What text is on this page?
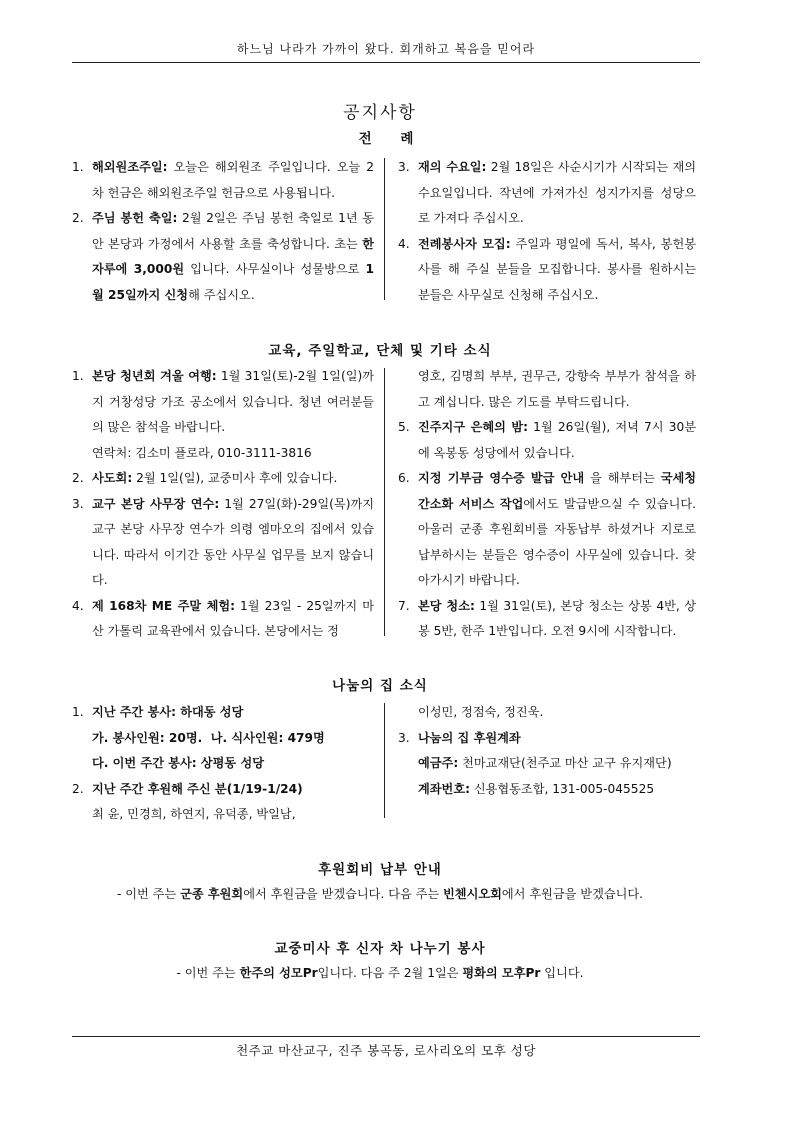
하느님 나라가 가까이 왔다. 회개하고 복음을 믿어라
공지사항
전 례
1. 해외원조주일: 오늘은 해외원조 주일입니다. 오늘 2차 헌금은 해외원조주일 헌금으로 사용됩니다.
2. 주님 봉헌 축일: 2월 2일은 주님 봉헌 축일로 1년 동안 본당과 가정에서 사용할 초를 축성합니다. 초는 한 자루에 3,000원 입니다. 사무실이나 성물방으로 1월 25일까지 신청해 주십시오.
3. 재의 수요일: 2월 18일은 사순시기가 시작되는 재의 수요일입니다. 작년에 가져가신 성지가지를 성당으로 가져다 주십시오.
4. 전례봉사자 모집: 주일과 평일에 독서, 복사, 봉헌봉사를 해 주실 분들을 모집합니다. 봉사를 원하시는 분들은 사무실로 신청해 주십시오.
교육, 주일학교, 단체 및 기타 소식
1. 본당 청년회 겨울 여행: 1월 31일(토)-2월 1일(일)까지 거창성당 가조 공소에서 있습니다. 청년 여러분들의 많은 참석을 바랍니다.
연락처: 김소미 플로라, 010-3111-3816
2. 사도회: 2월 1일(일), 교중미사 후에 있습니다.
3. 교구 본당 사무장 연수: 1월 27일(화)-29일(목)까지 교구 본당 사무장 연수가 의령 엠마오의 집에서 있습니다. 따라서 이기간 동안 사무실 업무를 보지 않습니다.
4. 제 168차 ME 주말 체험: 1월 23일 - 25일까지 마산 가톨릭 교육관에서 있습니다. 본당에서는 정
영호, 김명희 부부, 권무근, 강향숙 부부가 참석을 하고 계십니다. 많은 기도를 부탁드립니다.
5. 진주지구 은혜의 밤: 1월 26일(월), 저녁 7시 30분에 옥봉동 성당에서 있습니다.
6. 지정 기부금 영수증 발급 안내 을 해부터는 국세청 간소화 서비스 작업에서도 발급받으실 수 있습니다. 아울러 군종 후원회비를 자동납부 하셨거나 지로로 납부하시는 분들은 영수증이 사무실에 있습니다. 찾아가시기 바랍니다.
7. 본당 청소: 1월 31일(토), 본당 청소는 상봉 4반, 상봉 5반, 한주 1반입니다. 오전 9시에 시작합니다.
나눔의 집 소식
1. 지난 주간 봉사: 하대동 성당
가. 봉사인원: 20명. 나. 식사인원: 479명
다. 이번 주간 봉사: 상평동 성당
2. 지난 주간 후원해 주신 분(1/19-1/24)
최 윤, 민경희, 하연지, 유덕종, 박일남,
이성민, 정점숙, 정진욱.
3. 나눔의 집 후원계좌
예금주: 천마교재단(천주교 마산 교구 유지재단)
계좌번호: 신용협동조합, 131-005-045525
후원회비 납부 안내
- 이번 주는 군종 후원회에서 후원금을 받겠습니다. 다음 주는 빈첸시오회에서 후원금을 받겠습니다.
교중미사 후 신자 차 나누기 봉사
- 이번 주는 한주의 성모Pr입니다. 다음 주 2월 1일은 평화의 모후Pr 입니다.
천주교 마산교구, 진주 봉곡동, 로사리오의 모후 성당
